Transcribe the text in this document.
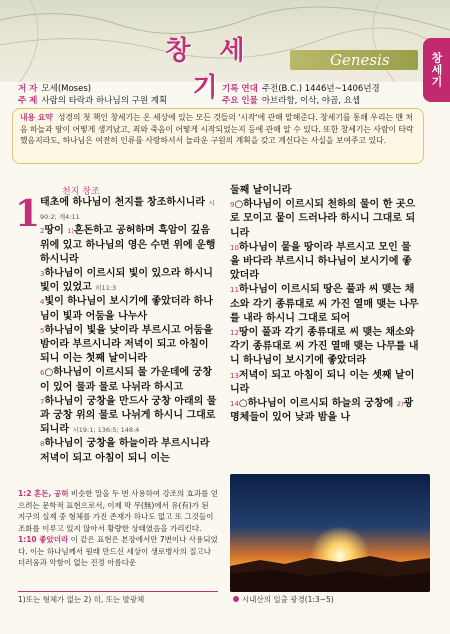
창 세 기
Genesis	창세기
저 자 모세(Moses)
주 제 사람의 타락과 하나님의 구원 계획
기록 연대 주전(B.C.) 1446년~1406년경
주요 인물 아브라함, 이삭, 야곱, 요셉
내용 요약 성경의 첫 책인 창세기는 온 세상에 있는 모든 것들의 '시작'에 관해 말해준다. 창세기를 통해 우리는 맨 처음 하늘과 땅이 어떻게 생겨났고, 죄와 죽음이 어떻게 시작되었는지 등에 관해 알 수 있다. 또한 창세기는 사람이 타락했음지라도, 하나님은 여전히 인류를 사랑하셔서 놀라운 구원의 계획을 갖고 계신다는 사실을 보여주고 있다.
천지 창조
1 태초에 하나님이 천지를 창조하시니라 시90:2; 계4:11

$^2$땅이 $^{1)}$혼돈하고 공허하며 흑암이 깊음 위에 있고 하나님의 영은 수면 위에 운행하시니라

$^3$하나님이 이르시되 빛이 있으라 하시니 빛이 있었고 히11:3

$^4$빛이 하나님이 보시기에 좋았더라 하나님이 빛과 어둠을 나누사

$^5$하나님이 빛을 낮이라 부르시고 어둠을 밤이라 부르시니라 저녁이 되고 아침이 되니 이는 첫째 날이니라

$^6$○하나님이 이르시되 물 가운데에 궁창이 있어 물과 물로 나뉘라 하시고

$^7$하나님이 궁창을 만드사 궁창 아래의 물과 궁창 위의 물로 나뉘게 하시니 그대로 되니라 시19:1; 136:5; 148:4

$^8$하나님이 궁창을 하늘이라 부르시니라 저녁이 되고 아침이 되니 이는

둘째 날이니라

$^9$○하나님이 이르시되 천하의 물이 한 곳으로 모이고 뭍이 드러나라 하시니 그대로 되니라

$^{10}$하나님이 뭍을 땅이라 부르시고 모인 물을 바다라 부르시니 하나님이 보시기에 좋았더라

$^{11}$하나님이 이르시되 땅은 풀과 씨 맺는 채소와 각기 종류대로 씨 가진 열매 맺는 나무를 내라 하시니 그대로 되어

$^{12}$땅이 풀과 각기 종류대로 씨 맺는 채소와 각기 종류대로 씨 가진 열매 맺는 나무를 내니 하나님이 보시기에 좋았더라

$^{13}$저녁이 되고 아침이 되니 이는 셋째 날이니라

$^{14}$○하나님이 이르시되 하늘의 궁창에 $^{2)}$광명체들이 있어 낮과 밤을 나

1:2 혼돈, 공허 비슷한 말을 두 번 사용하여 강조의 효과를 얻으려는 문학적 표현으로서, 이제 막 무(無)에서 유(有)가 된 지구의 실제 중 형체를 가진 존재가 하나도 없고 또 그것들이 조화를 이루고 있지 않아서 황량한 상태였음을 가리킨다.
1:10 좋았더라 이 같은 표현은 본장에서만 7번이나 사용되었다. 이는 하나님께서 원래 만드신 세상이 생로병사의 질고나 더러움과 악함이 없는 진정 아름다운
1)또는 형체가 없는 2) 히, 또는 발광체	시내산의 일출 광경(1:3~5)
